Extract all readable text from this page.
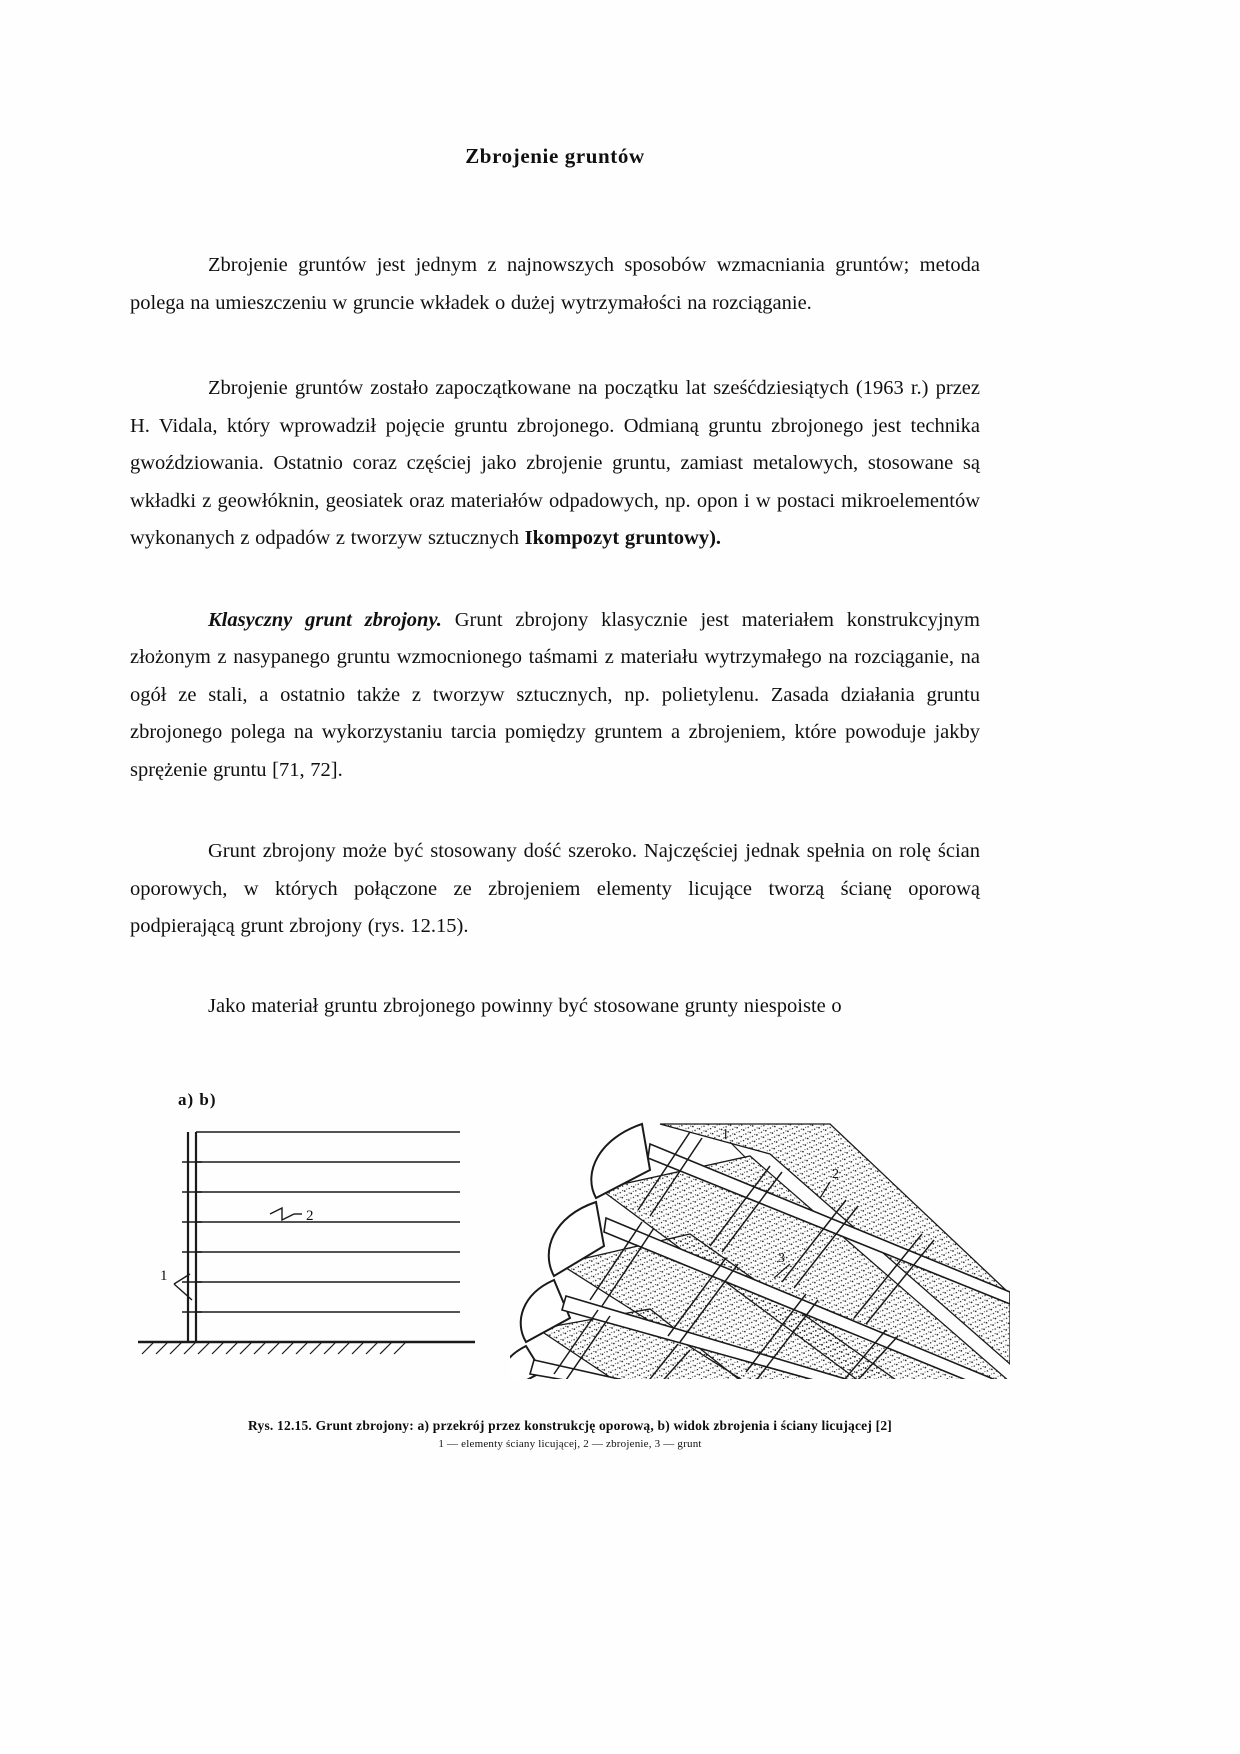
Zbrojenie gruntów

Zbrojenie gruntów jest jednym z najnowszych sposobów wzmacniania gruntów; metoda polega na umieszczeniu w gruncie wkładek o dużej wytrzymałości na rozciąganie.

Zbrojenie gruntów zostało zapoczątkowane na początku lat sześćdziesiątych (1963 r.) przez H. Vidala, który wprowadził pojęcie gruntu zbrojonego. Odmianą gruntu zbrojonego jest technika gwoździowania. Ostatnio coraz częściej jako zbrojenie gruntu, zamiast metalowych, stosowane są wkładki z geowłóknin, geosiatek oraz materiałów odpadowych, np. opon i w postaci mikroelementów wykonanych z odpadów z tworzyw sztucznych Ikompozyt gruntowy).

Klasyczny grunt zbrojony. Grunt zbrojony klasycznie jest materiałem konstrukcyjnym złożonym z nasypanego gruntu wzmocnionego taśmami z materiału wytrzymałego na rozciąganie, na ogół ze stali, a ostatnio także z tworzyw sztucznych, np. polietylenu. Zasada działania gruntu zbrojonego polega na wykorzystaniu tarcia pomiędzy gruntem a zbrojeniem, które powoduje jakby sprężenie gruntu [71, 72].

Grunt zbrojony może być stosowany dość szeroko. Najczęściej jednak spełnia on rolę ścian oporowych, w których połączone ze zbrojeniem elementy licujące tworzą ścianę oporową podpierającą grunt zbrojony (rys. 12.15).

Jako materiał gruntu zbrojonego powinny być stosowane grunty niespoiste o

a) b)
2
1
1
2
3
Rys. 12.15. Grunt zbrojony: a) przekrój przez konstrukcję oporową, b) widok zbrojenia i ściany licującej [2]
1 — elementy ściany licującej, 2 — zbrojenie, 3 — grunt
